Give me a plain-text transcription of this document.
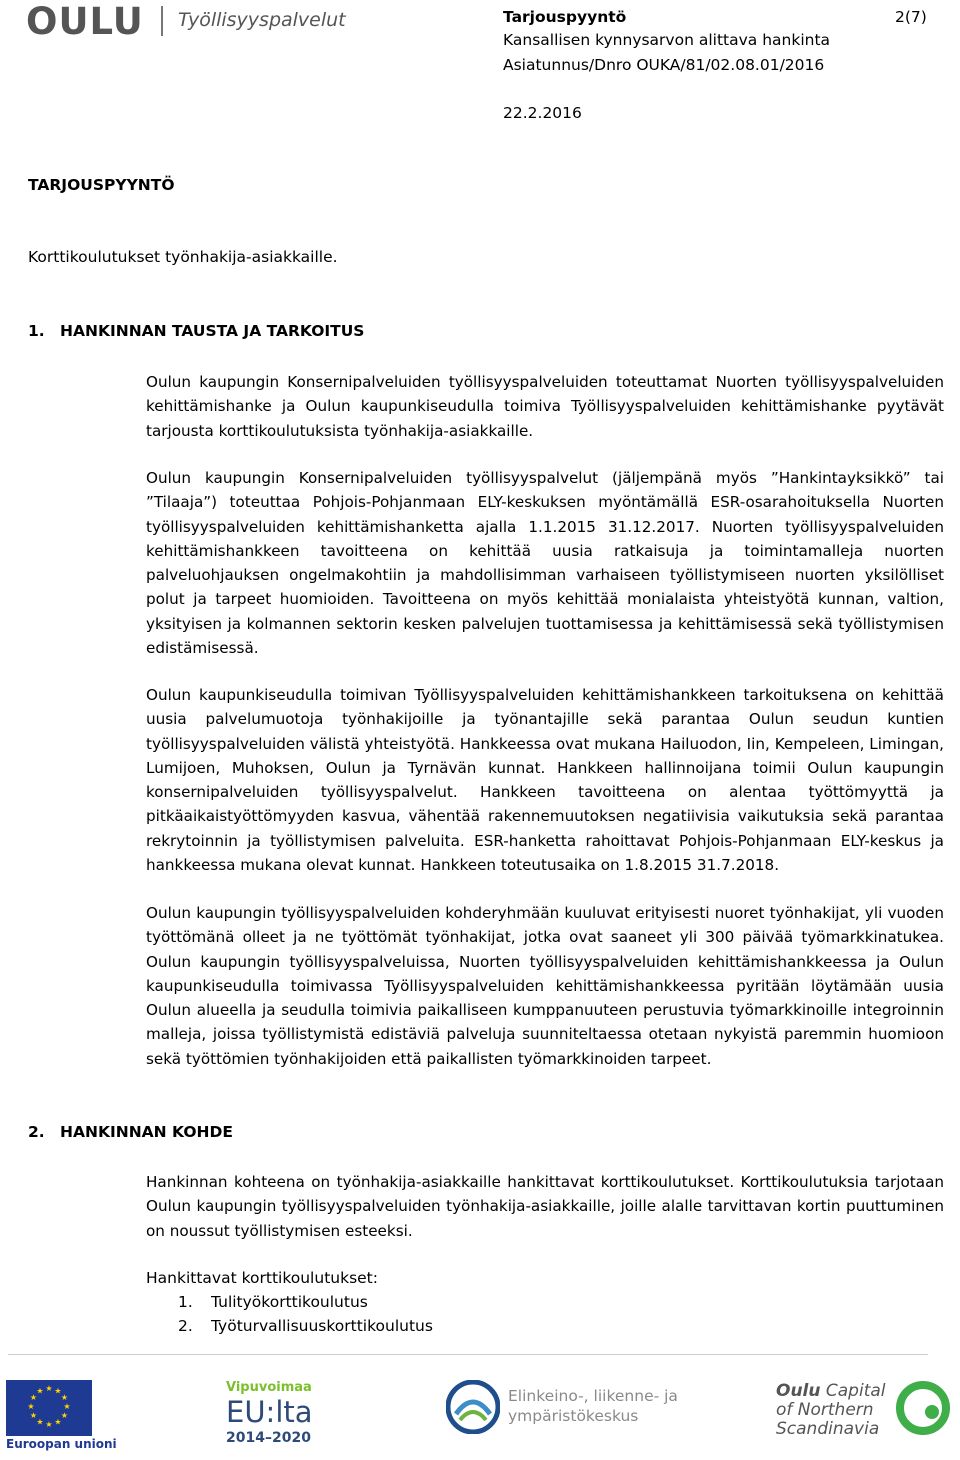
OULU Työllisyyspalvelut	Tarjouspyyntö	2(7)
Kansallisen kynnysarvon alittava hankinta
Asiatunnus/Dnro OUKA/81/02.08.01/2016
22.2.2016
TARJOUSPYYNTÖ
Korttikoulutukset työnhakija-asiakkaille.
1. HANKINNAN TAUSTA JA TARKOITUS
Oulun kaupungin Konsernipalveluiden työllisyyspalveluiden toteuttamat Nuorten työllisyyspalveluiden kehittämishanke ja Oulun kaupunkiseudulla toimiva Työllisyyspalveluiden kehittämishanke pyytävät tarjousta korttikoulutuksista työnhakija-asiakkaille.
Oulun kaupungin Konsernipalveluiden työllisyyspalvelut (jäljempänä myös ”Hankintayksikkö” tai ”Tilaaja”) toteuttaa Pohjois-Pohjanmaan ELY-keskuksen myöntämällä ESR-osarahoituksella Nuorten työllisyyspalveluiden kehittämishanketta ajalla 1.1.2015 31.12.2017. Nuorten työllisyyspalveluiden kehittämishankkeen tavoitteena on kehittää uusia ratkaisuja ja toimintamalleja nuorten palveluohjauksen ongelmakohtiin ja mahdollisimman varhaiseen työllistymiseen nuorten yksilölliset polut ja tarpeet huomioiden. Tavoitteena on myös kehittää monialaista yhteistyötä kunnan, valtion, yksityisen ja kolmannen sektorin kesken palvelujen tuottamisessa ja kehittämisessä sekä työllistymisen edistämisessä.
Oulun kaupunkiseudulla toimivan Työllisyyspalveluiden kehittämishankkeen tarkoituksena on kehittää uusia palvelumuotoja työnhakijoille ja työnantajille sekä parantaa Oulun seudun kuntien työllisyyspalveluiden välistä yhteistyötä. Hankkeessa ovat mukana Hailuodon, Iin, Kempeleen, Limingan, Lumijoen, Muhoksen, Oulun ja Tyrnävän kunnat. Hankkeen hallinnoijana toimii Oulun kaupungin konsernipalveluiden työllisyyspalvelut. Hankkeen tavoitteena on alentaa työttömyyttä ja pitkäaikaistyöttömyyden kasvua, vähentää rakennemuutoksen negatiivisia vaikutuksia sekä parantaa rekrytoinnin ja työllistymisen palveluita. ESR-hanketta rahoittavat Pohjois-Pohjanmaan ELY-keskus ja hankkeessa mukana olevat kunnat. Hankkeen toteutusaika on 1.8.2015 31.7.2018.
Oulun kaupungin työllisyyspalveluiden kohderyhmään kuuluvat erityisesti nuoret työnhakijat, yli vuoden työttömänä olleet ja ne työttömät työnhakijat, jotka ovat saaneet yli 300 päivää työmarkkinatukea. Oulun kaupungin työllisyyspalveluissa, Nuorten työllisyyspalveluiden kehittämishankkeessa ja Oulun kaupunkiseudulla toimivassa Työllisyyspalveluiden kehittämishankkeessa pyritään löytämään uusia Oulun alueella ja seudulla toimivia paikalliseen kumppanuuteen perustuvia työmarkkinoille integroinnin malleja, joissa työllistymistä edistäviä palveluja suunniteltaessa otetaan nykyistä paremmin huomioon sekä työttömien työnhakijoiden että paikallisten työmarkkinoiden tarpeet.
2. HANKINNAN KOHDE
Hankinnan kohteena on työnhakija-asiakkaille hankittavat korttikoulutukset. Korttikoulutuksia tarjotaan Oulun kaupungin työllisyyspalveluiden työnhakija-asiakkaille, joille alalle tarvittavan kortin puuttuminen on noussut työllistymisen esteeksi.
Hankittavat korttikoulutukset:
1. Tulityökorttikoulutus
2. Työturvallisuuskorttikoulutus
★ ★
★
★
★
★
★
★
★
★
★
★
Euroopan unioni
Vipuvoimaa
EU:lta
2014–2020
Elinkeino-, liikenne- ja
ympäristökeskus
Oulu Capital
of Northern
Scandinavia
